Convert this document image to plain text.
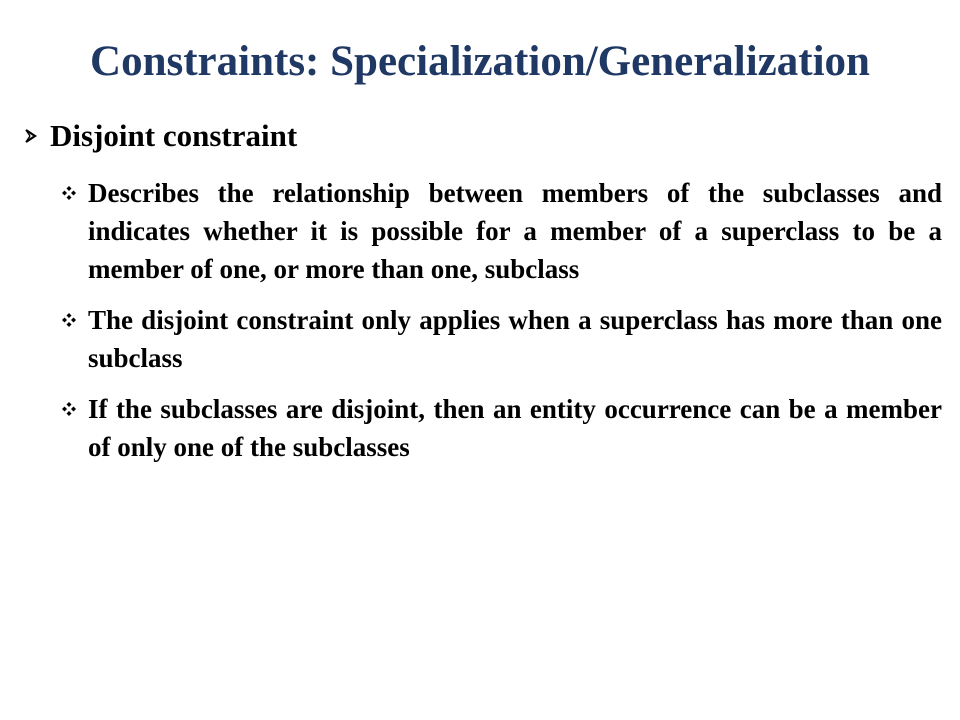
Constraints: Specialization/Generalization
Disjoint constraint
Describes the relationship between members of the subclasses and indicates whether it is possible for a member of a superclass to be a member of one, or more than one, subclass
The disjoint constraint only applies when a superclass has more than one subclass
If the subclasses are disjoint, then an entity occurrence can be a member of only one of the subclasses
